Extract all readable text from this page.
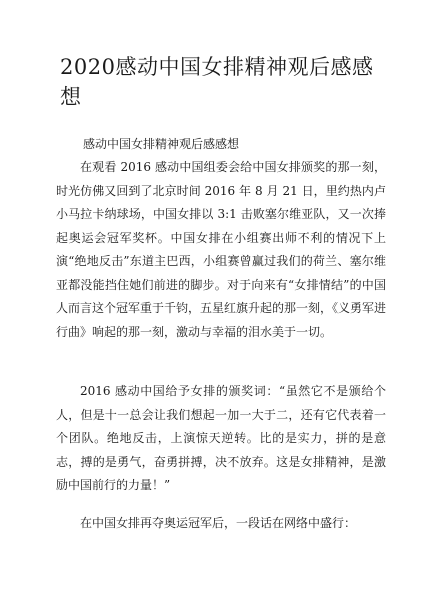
2020感动中国女排精神观后感感想

感动中国女排精神观后感感想

在观看 2016 感动中国组委会给中国女排颁奖的那一刻，时光仿佛又回到了北京时间 2016 年 8 月 21 日，里约热内卢小马拉卡纳球场，中国女排以 3:1 击败塞尔维亚队，又一次捧起奥运会冠军奖杯。中国女排在小组赛出师不利的情况下上演“绝地反击”东道主巴西，小组赛曾赢过我们的荷兰、塞尔维亚都没能挡住她们前进的脚步。对于向来有“女排情结”的中国人而言这个冠军重于千钧，五星红旗升起的那一刻，《义勇军进行曲》响起的那一刻，激动与幸福的泪水美于一切。

2016 感动中国给予女排的颁奖词：“虽然它不是颁给个人，但是十一总会让我们想起一加一大于二，还有它代表着一个团队。绝地反击，上演惊天逆转。比的是实力，拼的是意志，搏的是勇气，奋勇拼搏，决不放弃。这是女排精神，是激励中国前行的力量！”

在中国女排再夺奥运冠军后，一段话在网络中盛行：
